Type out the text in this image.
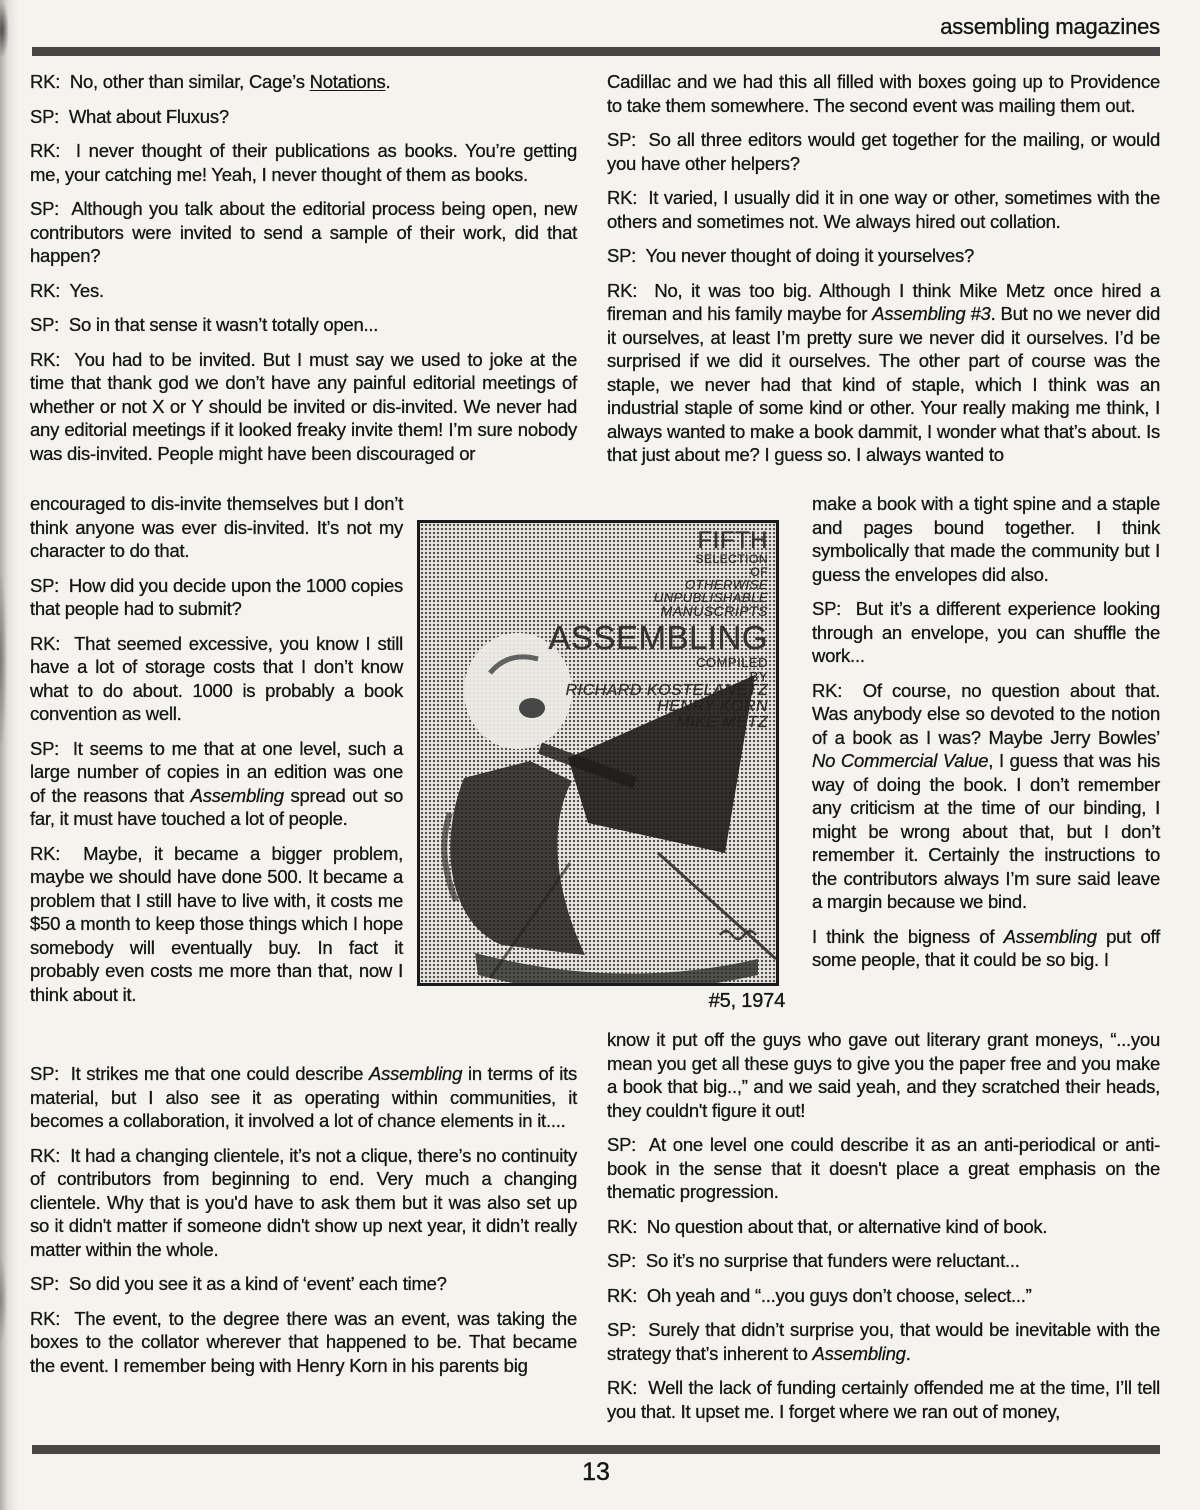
assembling magazines

RK:  No, other than similar, Cage’s Notations.

SP:  What about Fluxus?

RK:  I never thought of their publications as books. You’re getting me, your catching me! Yeah, I never thought of them as books.

SP:  Although you talk about the editorial process being open, new contributors were invited to send a sample of their work, did that happen?

RK:  Yes.

SP:  So in that sense it wasn’t totally open...

RK:  You had to be invited. But I must say we used to joke at the time that thank god we don’t have any painful editorial meetings of whether or not X or Y should be invited or dis-invited. We never had any editorial meetings if it looked freaky invite them! I’m sure nobody was dis-invited. People might have been discouraged or

encouraged to dis-invite themselves but I don’t think anyone was ever dis-invited. It’s not my character to do that.

SP:  How did you decide upon the 1000 copies that people had to submit?

RK:  That seemed excessive, you know I still have a lot of storage costs that I don’t know what to do about. 1000 is probably a book convention as well.

SP:  It seems to me that at one level, such a large number of copies in an edition was one of the reasons that Assembling spread out so far, it must have touched a lot of people.

RK:  Maybe, it became a bigger problem, maybe we should have done 500. It became a problem that I still have to live with, it costs me $50 a month to keep those things which I hope somebody will eventually buy. In fact it probably even costs me more than that, now I think about it.

SP:  It strikes me that one could describe Assembling in terms of its material, but I also see it as operating within communities, it becomes a collaboration, it involved a lot of chance elements in it....

RK:  It had a changing clientele, it’s not a clique, there’s no continuity of contributors from beginning to end. Very much a changing clientele. Why that is you'd have to ask them but it was also set up so it didn't matter if someone didn't show up next year, it didn’t really matter within the whole.

SP:  So did you see it as a kind of ‘event’ each time?

RK:  The event, to the degree there was an event, was taking the boxes to the collator wherever that happened to be. That became the event. I remember being with Henry Korn in his parents big

Cadillac and we had this all filled with boxes going up to Providence to take them somewhere. The second event was mailing them out.

SP:  So all three editors would get together for the mailing, or would you have other helpers?

RK:  It varied, I usually did it in one way or other, sometimes with the others and sometimes not. We always hired out collation.

SP:  You never thought of doing it yourselves?

RK:  No, it was too big. Although I think Mike Metz once hired a fireman and his family maybe for Assembling #3. But no we never did it ourselves, at least I’m pretty sure we never did it ourselves. I’d be surprised if we did it ourselves. The other part of course was the staple, we never had that kind of staple, which I think was an industrial staple of some kind or other. Your really making me think, I always wanted to make a book dammit, I wonder what that’s about. Is that just about me? I guess so. I always wanted to

make a book with a tight spine and a staple and pages bound together. I think symbolically that made the community but I guess the envelopes did also.

SP:  But it’s a different experience looking through an envelope, you can shuffle the work...

RK:  Of course, no question about that. Was anybody else so devoted to the notion of a book as I was? Maybe Jerry Bowles’ No Commercial Value, I guess that was his way of doing the book. I don’t remember any criticism at the time of our binding, I might be wrong about that, but I don’t remember it. Certainly the instructions to the contributors always I’m sure said leave a margin because we bind.

I think the bigness of Assembling put off some people, that it could be so big. I

know it put off the guys who gave out literary grant moneys, “...you mean you get all these guys to give you the paper free and you make a book that big..,” and we said yeah, and they scratched their heads, they couldn't figure it out!

SP:  At one level one could describe it as an anti-periodical or anti-book in the sense that it doesn't place a great emphasis on the thematic progression.

RK:  No question about that, or alternative kind of book.

SP:  So it’s no surprise that funders were reluctant...

RK:  Oh yeah and “...you guys don’t choose, select...”

SP:  Surely that didn’t surprise you, that would be inevitable with the strategy that’s inherent to Assembling.

RK:  Well the lack of funding certainly offended me at the time, I’ll tell you that. It upset me. I forget where we ran out of money,

FIFTH
SELECTION
OF
OTHERWISE
UNPUBLISHABLE
MANUSCRIPTS
ASSEMBLING
COMPILED
BY
RICHARD KOSTELANETZ
HENRY KORN
MIKE METZ
#5, 1974
13
